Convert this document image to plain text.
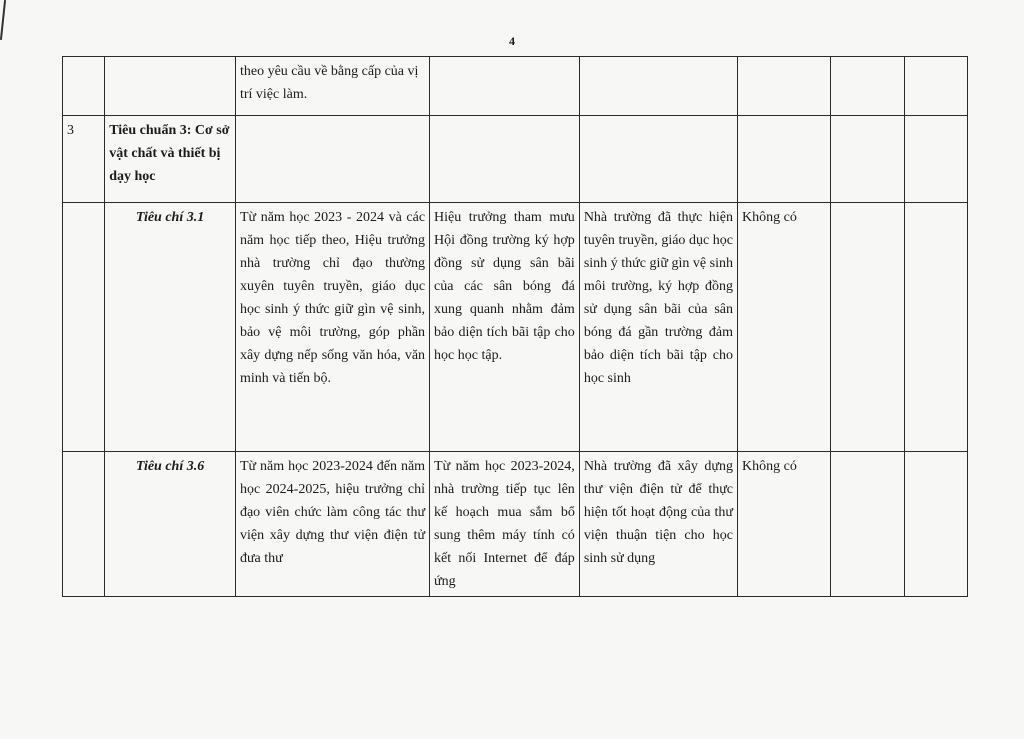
4
		theo yêu cầu về bằng cấp của vị trí việc làm.					
3	Tiêu chuẩn 3: Cơ sở vật chất và thiết bị dạy học						
	Tiêu chí 3.1	Từ năm học 2023 - 2024 và các năm học tiếp theo, Hiệu trưởng nhà trường chỉ đạo thường xuyên tuyên truyền, giáo dục học sinh ý thức giữ gìn vệ sinh, bảo vệ môi trường, góp phần xây dựng nếp sống văn hóa, văn minh và tiến bộ.	Hiệu trưởng tham mưu Hội đồng trường ký hợp đồng sử dụng sân bãi của các sân bóng đá xung quanh nhằm đảm bảo diện tích bãi tập cho học học tập.	Nhà trường đã thực hiện tuyên truyền, giáo dục học sinh ý thức giữ gìn vệ sinh môi trường, ký hợp đồng sử dụng sân bãi của sân bóng đá gần trường đảm bảo diện tích bãi tập cho học sinh	Không có		
	Tiêu chí 3.6	Từ năm học 2023-2024 đến năm học 2024-2025, hiệu trưởng chỉ đạo viên chức làm công tác thư viện xây dựng thư viện điện tử đưa thư	Từ năm học 2023-2024, nhà trường tiếp tục lên kế hoạch mua sắm bổ sung thêm máy tính có kết nối Internet để đáp ứng	Nhà trường đã xây dựng thư viện điện tử để thực hiện tốt hoạt động của thư viện thuận tiện cho học sinh sử dụng	Không có		
